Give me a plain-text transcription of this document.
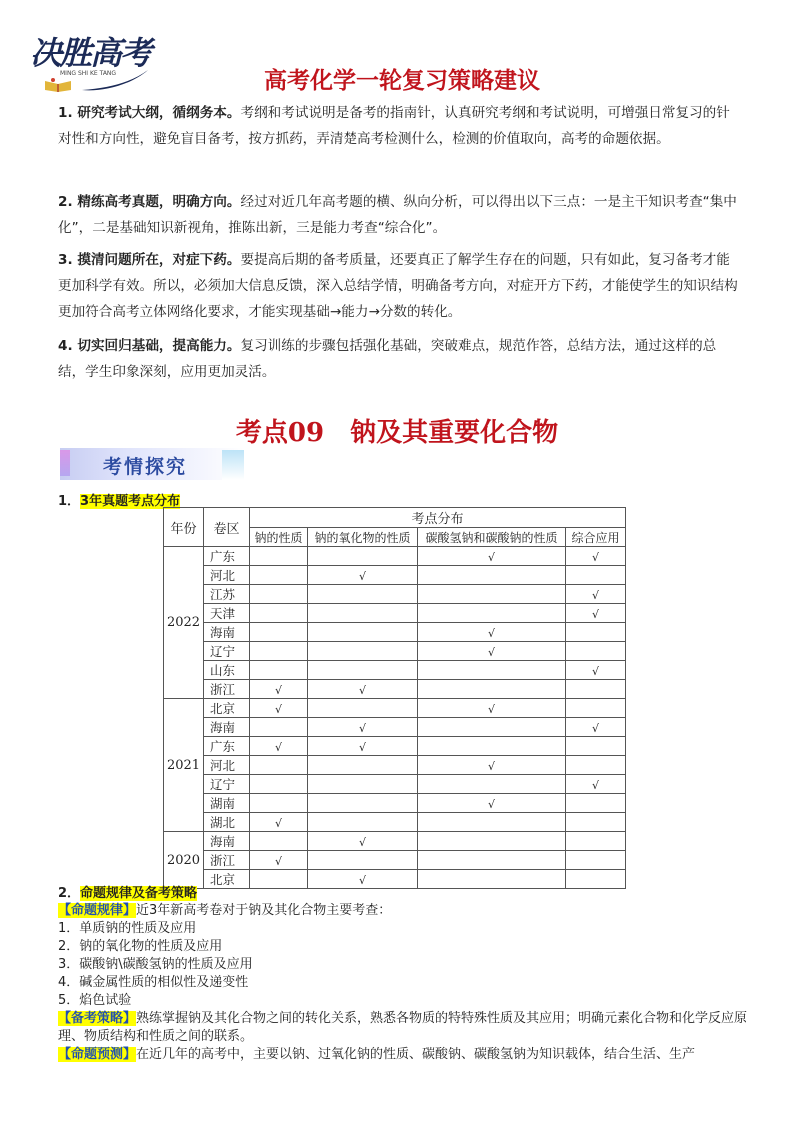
决胜高考
MING SHI KE TANG	高考化学一轮复习策略建议
1. 研究考试大纲，循纲务本。考纲和考试说明是备考的指南针，认真研究考纲和考试说明，可增强日常复习的针对性和方向性，避免盲目备考，按方抓药，弄清楚高考检测什么，检测的价值取向，高考的命题依据。
2. 精练高考真题，明确方向。经过对近几年高考题的横、纵向分析，可以得出以下三点：一是主干知识考查“集中化”，二是基础知识新视角，推陈出新，三是能力考查“综合化”。
3. 摸清问题所在，对症下药。要提高后期的备考质量，还要真正了解学生存在的问题，只有如此，复习备考才能更加科学有效。所以，必须加大信息反馈，深入总结学情，明确备考方向，对症开方下药，才能使学生的知识结构更加符合高考立体网络化要求，才能实现基础→能力→分数的转化。
4. 切实回归基础，提高能力。复习训练的步骤包括强化基础，突破难点，规范作答，总结方法，通过这样的总结，学生印象深刻，应用更加灵活。
考点09　钠及其重要化合物
考情探究
1．3年真题考点分布
年份	卷区	考点分布			
		钠的性质	钠的氧化物的性质	碳酸氢钠和碳酸钠的性质	综合应用
2022	广东			√	√
	河北		√		
	江苏				√
	天津				√
	海南			√	
	辽宁			√	
	山东				√
	浙江	√	√		
2021	北京	√		√	
	海南		√		√
	广东	√	√		
	河北			√	
	辽宁				√
	湖南			√	
	湖北	√			
2020	海南		√		
	浙江	√			
	北京		√		
2．命题规律及备考策略
【命题规律】近3年新高考卷对于钠及其化合物主要考查：
1．单质钠的性质及应用
2．钠的氧化物的性质及应用
3．碳酸钠\碳酸氢钠的性质及应用
4．碱金属性质的相似性及递变性
5．焰色试验
【备考策略】熟练掌握钠及其化合物之间的转化关系，熟悉各物质的特特殊性质及其应用；明确元素化合物和化学反应原理、物质结构和性质之间的联系。
【命题预测】在近几年的高考中，主要以钠、过氧化钠的性质、碳酸钠、碳酸氢钠为知识载体，结合生活、生产
